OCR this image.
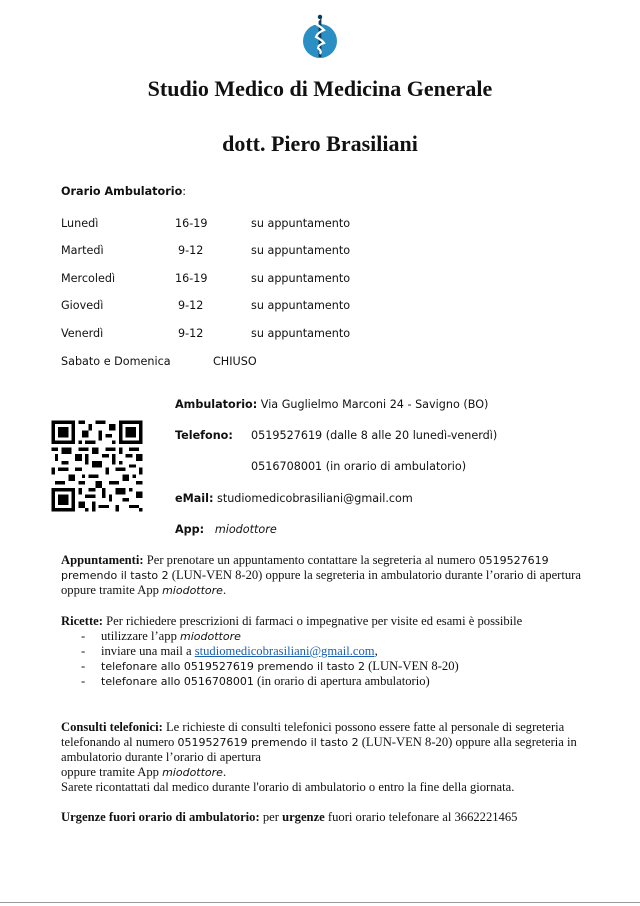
Studio Medico di Medicina Generale
dott. Piero Brasiliani
Orario Ambulatorio:
Lunedì	16-19	su appuntamento
Martedì	9-12	su appuntamento
Mercoledì	16-19	su appuntamento
Giovedì	9-12	su appuntamento
Venerdì	9-12	su appuntamento
Sabato e Domenica	CHIUSO
Ambulatorio: Via Guglielmo Marconi 24 - Savigno (BO)
Telefono: 0519527619 (dalle 8 alle 20 lunedì-venerdì)
0516708001 (in orario di ambulatorio)
eMail: studiomedicobrasiliani@gmail.com
App: miodottore
Appuntamenti: Per prenotare un appuntamento contattare la segreteria al numero 0519527619 premendo il tasto 2 (LUN-VEN 8-20) oppure la segreteria in ambulatorio durante l’orario di apertura oppure tramite App miodottore.
Ricette: Per richiedere prescrizioni di farmaci o impegnative per visite ed esami è possibile
- utilizzare l’app miodottore
- inviare una mail a studiomedicobrasiliani@gmail.com,
- telefonare allo 0519527619 premendo il tasto 2 (LUN-VEN 8-20)
- telefonare allo 0516708001 (in orario di apertura ambulatorio)
Consulti telefonici: Le richieste di consulti telefonici possono essere fatte al personale di segreteria telefonando al numero 0519527619 premendo il tasto 2 (LUN-VEN 8-20) oppure alla segreteria in ambulatorio durante l’orario di apertura
oppure tramite App miodottore.
Sarete ricontattati dal medico durante l'orario di ambulatorio o entro la fine della giornata.
Urgenze fuori orario di ambulatorio: per urgenze fuori orario telefonare al 3662221465
